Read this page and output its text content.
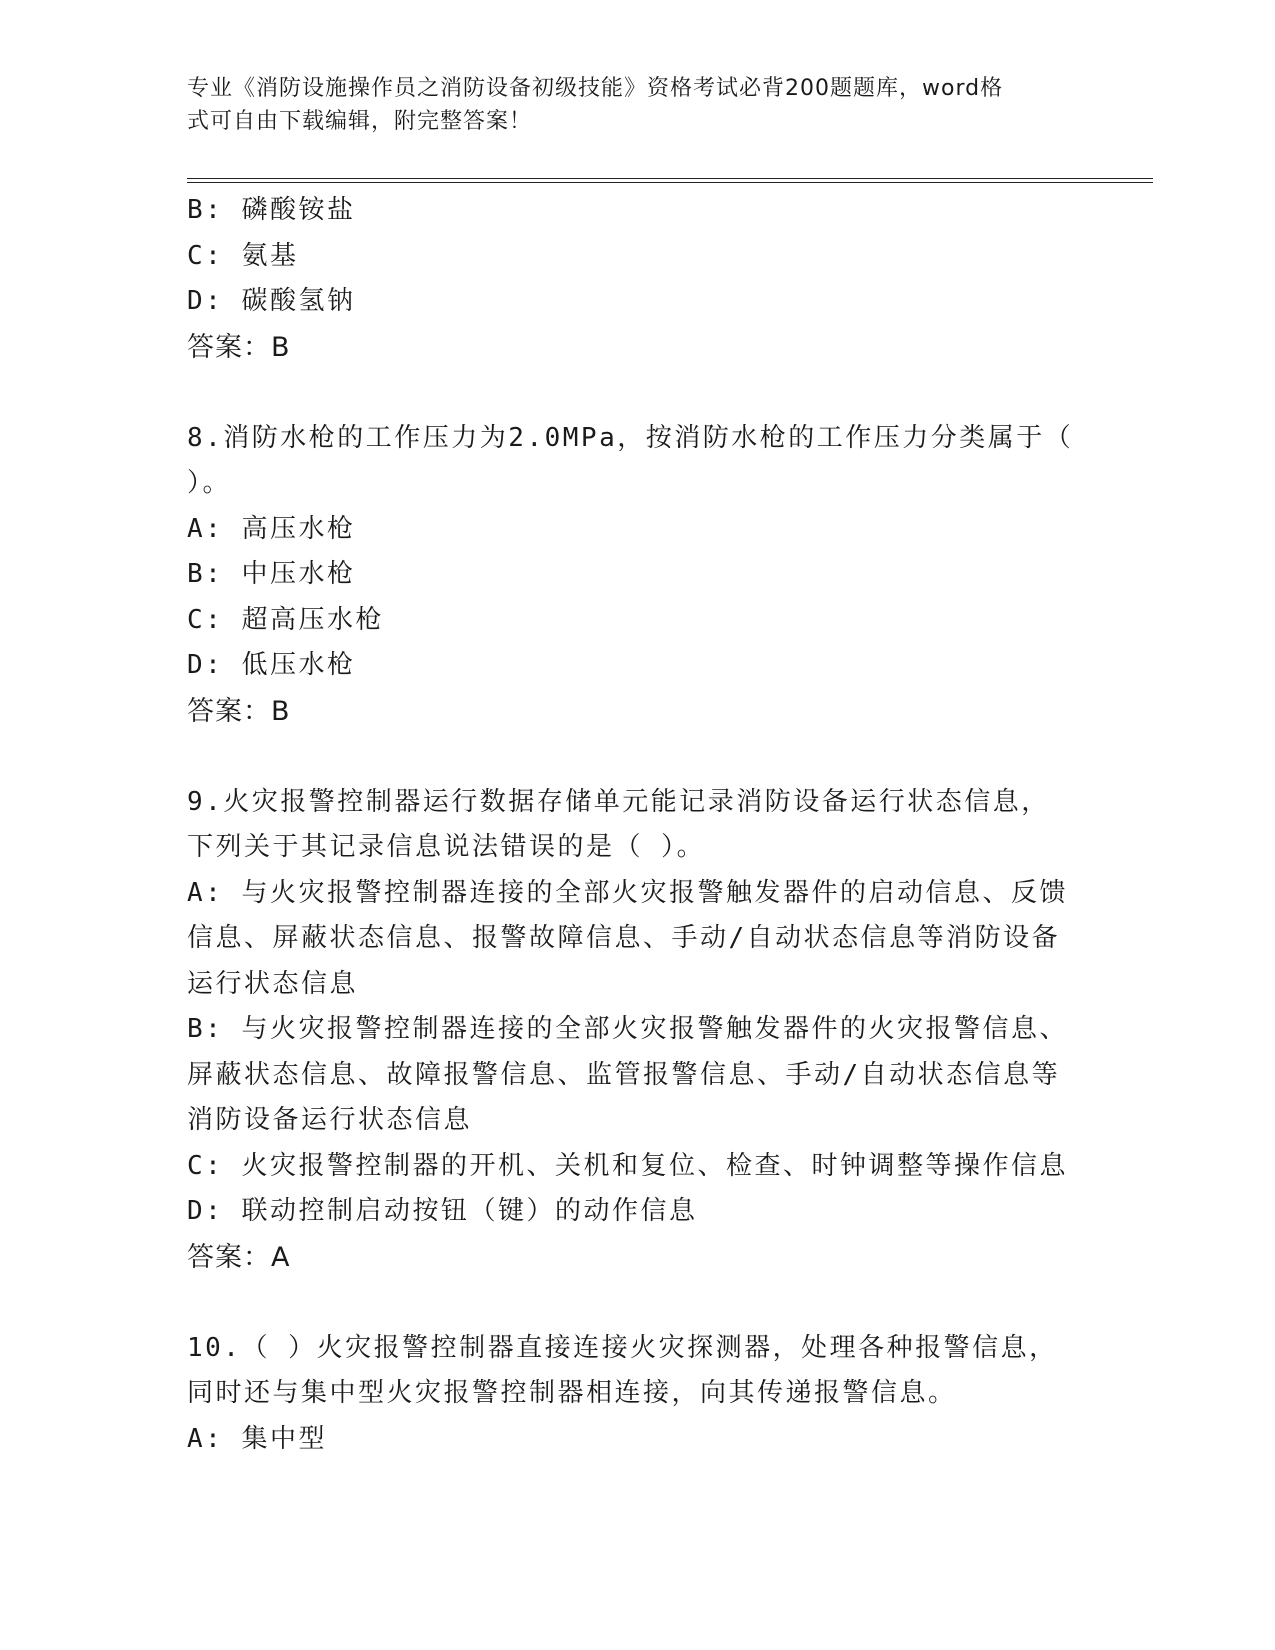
专业《消防设施操作员之消防设备初级技能》资格考试必背200题题库，word格
式可自由下载编辑，附完整答案！
B: 磷酸铵盐
C: 氨基
D: 碳酸氢钠
答案：B
8.消防水枪的工作压力为2.0MPa，按消防水枪的工作压力分类属于（
）。
A: 高压水枪
B: 中压水枪
C: 超高压水枪
D: 低压水枪
答案：B
9.火灾报警控制器运行数据存储单元能记录消防设备运行状态信息，
下列关于其记录信息说法错误的是（ ）。
A: 与火灾报警控制器连接的全部火灾报警触发器件的启动信息、反馈
信息、屏蔽状态信息、报警故障信息、手动/自动状态信息等消防设备
运行状态信息
B: 与火灾报警控制器连接的全部火灾报警触发器件的火灾报警信息、
屏蔽状态信息、故障报警信息、监管报警信息、手动/自动状态信息等
消防设备运行状态信息
C: 火灾报警控制器的开机、关机和复位、检查、时钟调整等操作信息
D: 联动控制启动按钮（键）的动作信息
答案：A
10.（ ）火灾报警控制器直接连接火灾探测器，处理各种报警信息，
同时还与集中型火灾报警控制器相连接，向其传递报警信息。
A: 集中型
